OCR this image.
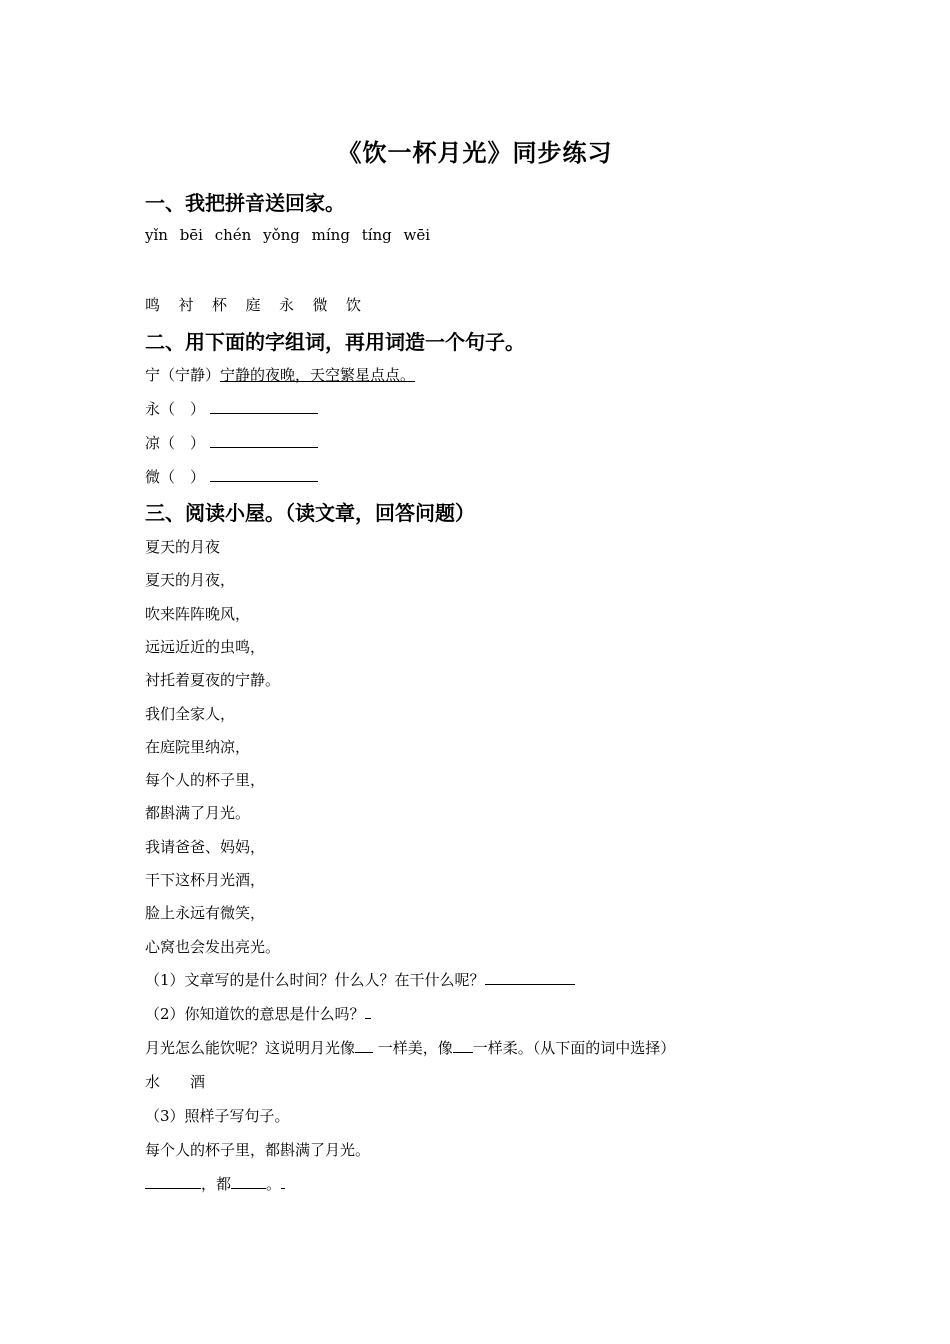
《饮一杯月光》同步练习
一、我把拼音送回家。
yǐn bēi chén yǒng míng tíng wēi
鸣 衬 杯 庭 永 微 饮
二、用下面的字组词，再用词造一个句子。
宁（宁静）宁静的夜晚，天空繁星点点。
永（　）
凉（　）
微（　）
三、阅读小屋。（读文章，回答问题）
夏天的月夜
夏天的月夜，
吹来阵阵晚风，
远远近近的虫鸣，
衬托着夏夜的宁静。
我们全家人，
在庭院里纳凉，
每个人的杯子里，
都斟满了月光。
我请爸爸、妈妈，
干下这杯月光酒，
脸上永远有微笑，
心窝也会发出亮光。
（1）文章写的是什么时间？什么人？在干什么呢？
（2）你知道饮的意思是什么吗？
月光怎么能饮呢？这说明月光像 一样美，像 一样柔。（从下面的词中选择）
水　　酒
（3）照样子写句子。
每个人的杯子里，都斟满了月光。
，都 。
